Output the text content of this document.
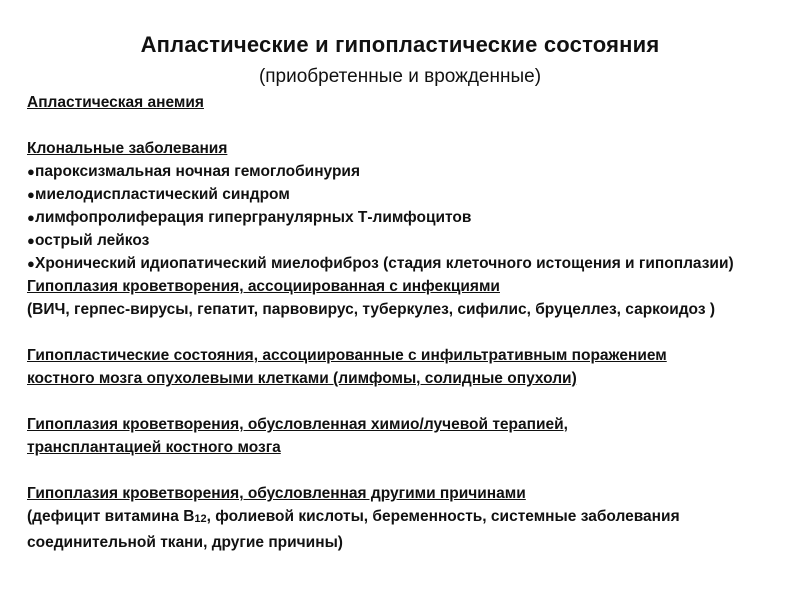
Апластические и гипопластические состояния
(приобретенные и врожденные)
Апластическая анемия
Клональные заболевания
● пароксизмальная ночная гемоглобинурия
● миелодиспластический синдром
● лимфопролиферация гипергранулярных Т-лимфоцитов
● острый лейкоз
● Хронический идиопатический миелофиброз (стадия клеточного истощения и гипоплазии)
Гипоплазия кроветворения, ассоциированная с инфекциями
(ВИЧ, герпес-вирусы, гепатит, парвовирус, туберкулез, сифилис, бруцеллез, саркоидоз )
Гипопластические состояния, ассоциированные с инфильтративным поражением
костного мозга опухолевыми клетками (лимфомы, солидные опухоли)
Гипоплазия кроветворения, обусловленная химио/лучевой терапией,
трансплантацией костного мозга
Гипоплазия кроветворения, обусловленная другими причинами
(дефицит витамина В12, фолиевой кислоты, беременность, системные заболевания соединительной ткани, другие причины)
